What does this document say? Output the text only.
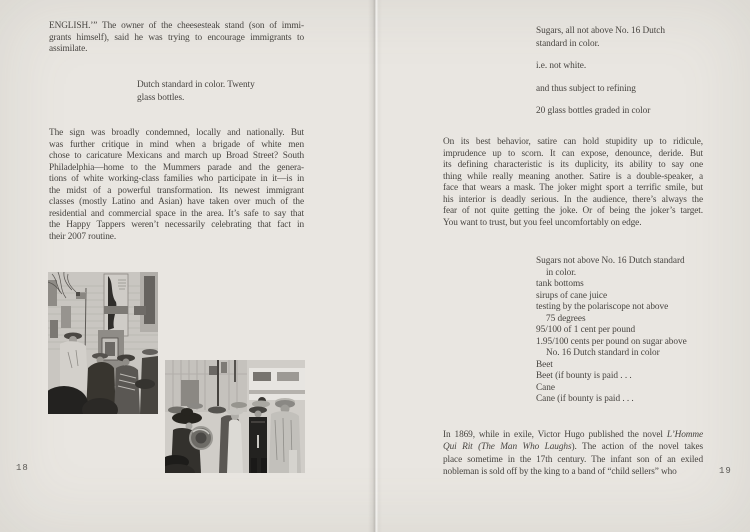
ENGLISH.’” The owner of the cheesesteak stand (son of immi-
grants himself), said he was trying to encourage immigrants to
assimilate.
Dutch standard in color. Twenty
glass bottles.
The sign was broadly condemned, locally and nationally. But
was further critique in mind when a brigade of white men
chose to caricature Mexicans and march up Broad Street? South
Philadelphia—home to the Mummers parade and the genera-
tions of white working-class families who participate in it—is in
the midst of a powerful transformation. Its newest immigrant
classes (mostly Latino and Asian) have taken over much of the
residential and commercial space in the area. It’s safe to say that
the Happy Tappers weren’t necessarily celebrating that fact in
their 2007 routine.
18
Sugars, all not above No. 16 Dutch
standard in color.
i.e. not white.
and thus subject to refining
20 glass bottles graded in color
On its best behavior, satire can hold stupidity up to ridicule,
imprudence up to scorn. It can expose, denounce, deride. But
its defining characteristic is its duplicity, its ability to say one
thing while really meaning another. Satire is a double-speaker, a
face that wears a mask. The joker might sport a terrific smile, but
his interior is deadly serious. In the audience, there’s always the
fear of not quite getting the joke. Or of being the joker’s target.
You want to trust, but you feel uncomfortably on edge.
Sugars not above No. 16 Dutch standard
in color.
tank bottoms
sirups of cane juice
testing by the polariscope not above
75 degrees
95/100 of 1 cent per pound
1.95/100 cents per pound on sugar above
No. 16 Dutch standard in color
Beet
Beet (if bounty is paid . . .
Cane
Cane (if bounty is paid . . .
In 1869, while in exile, Victor Hugo published the novel L’Homme
Qui Rit (The Man Who Laughs). The action of the novel takes
place sometime in the 17th century. The infant son of an exiled
nobleman is sold off by the king to a band of “child sellers” who	19
